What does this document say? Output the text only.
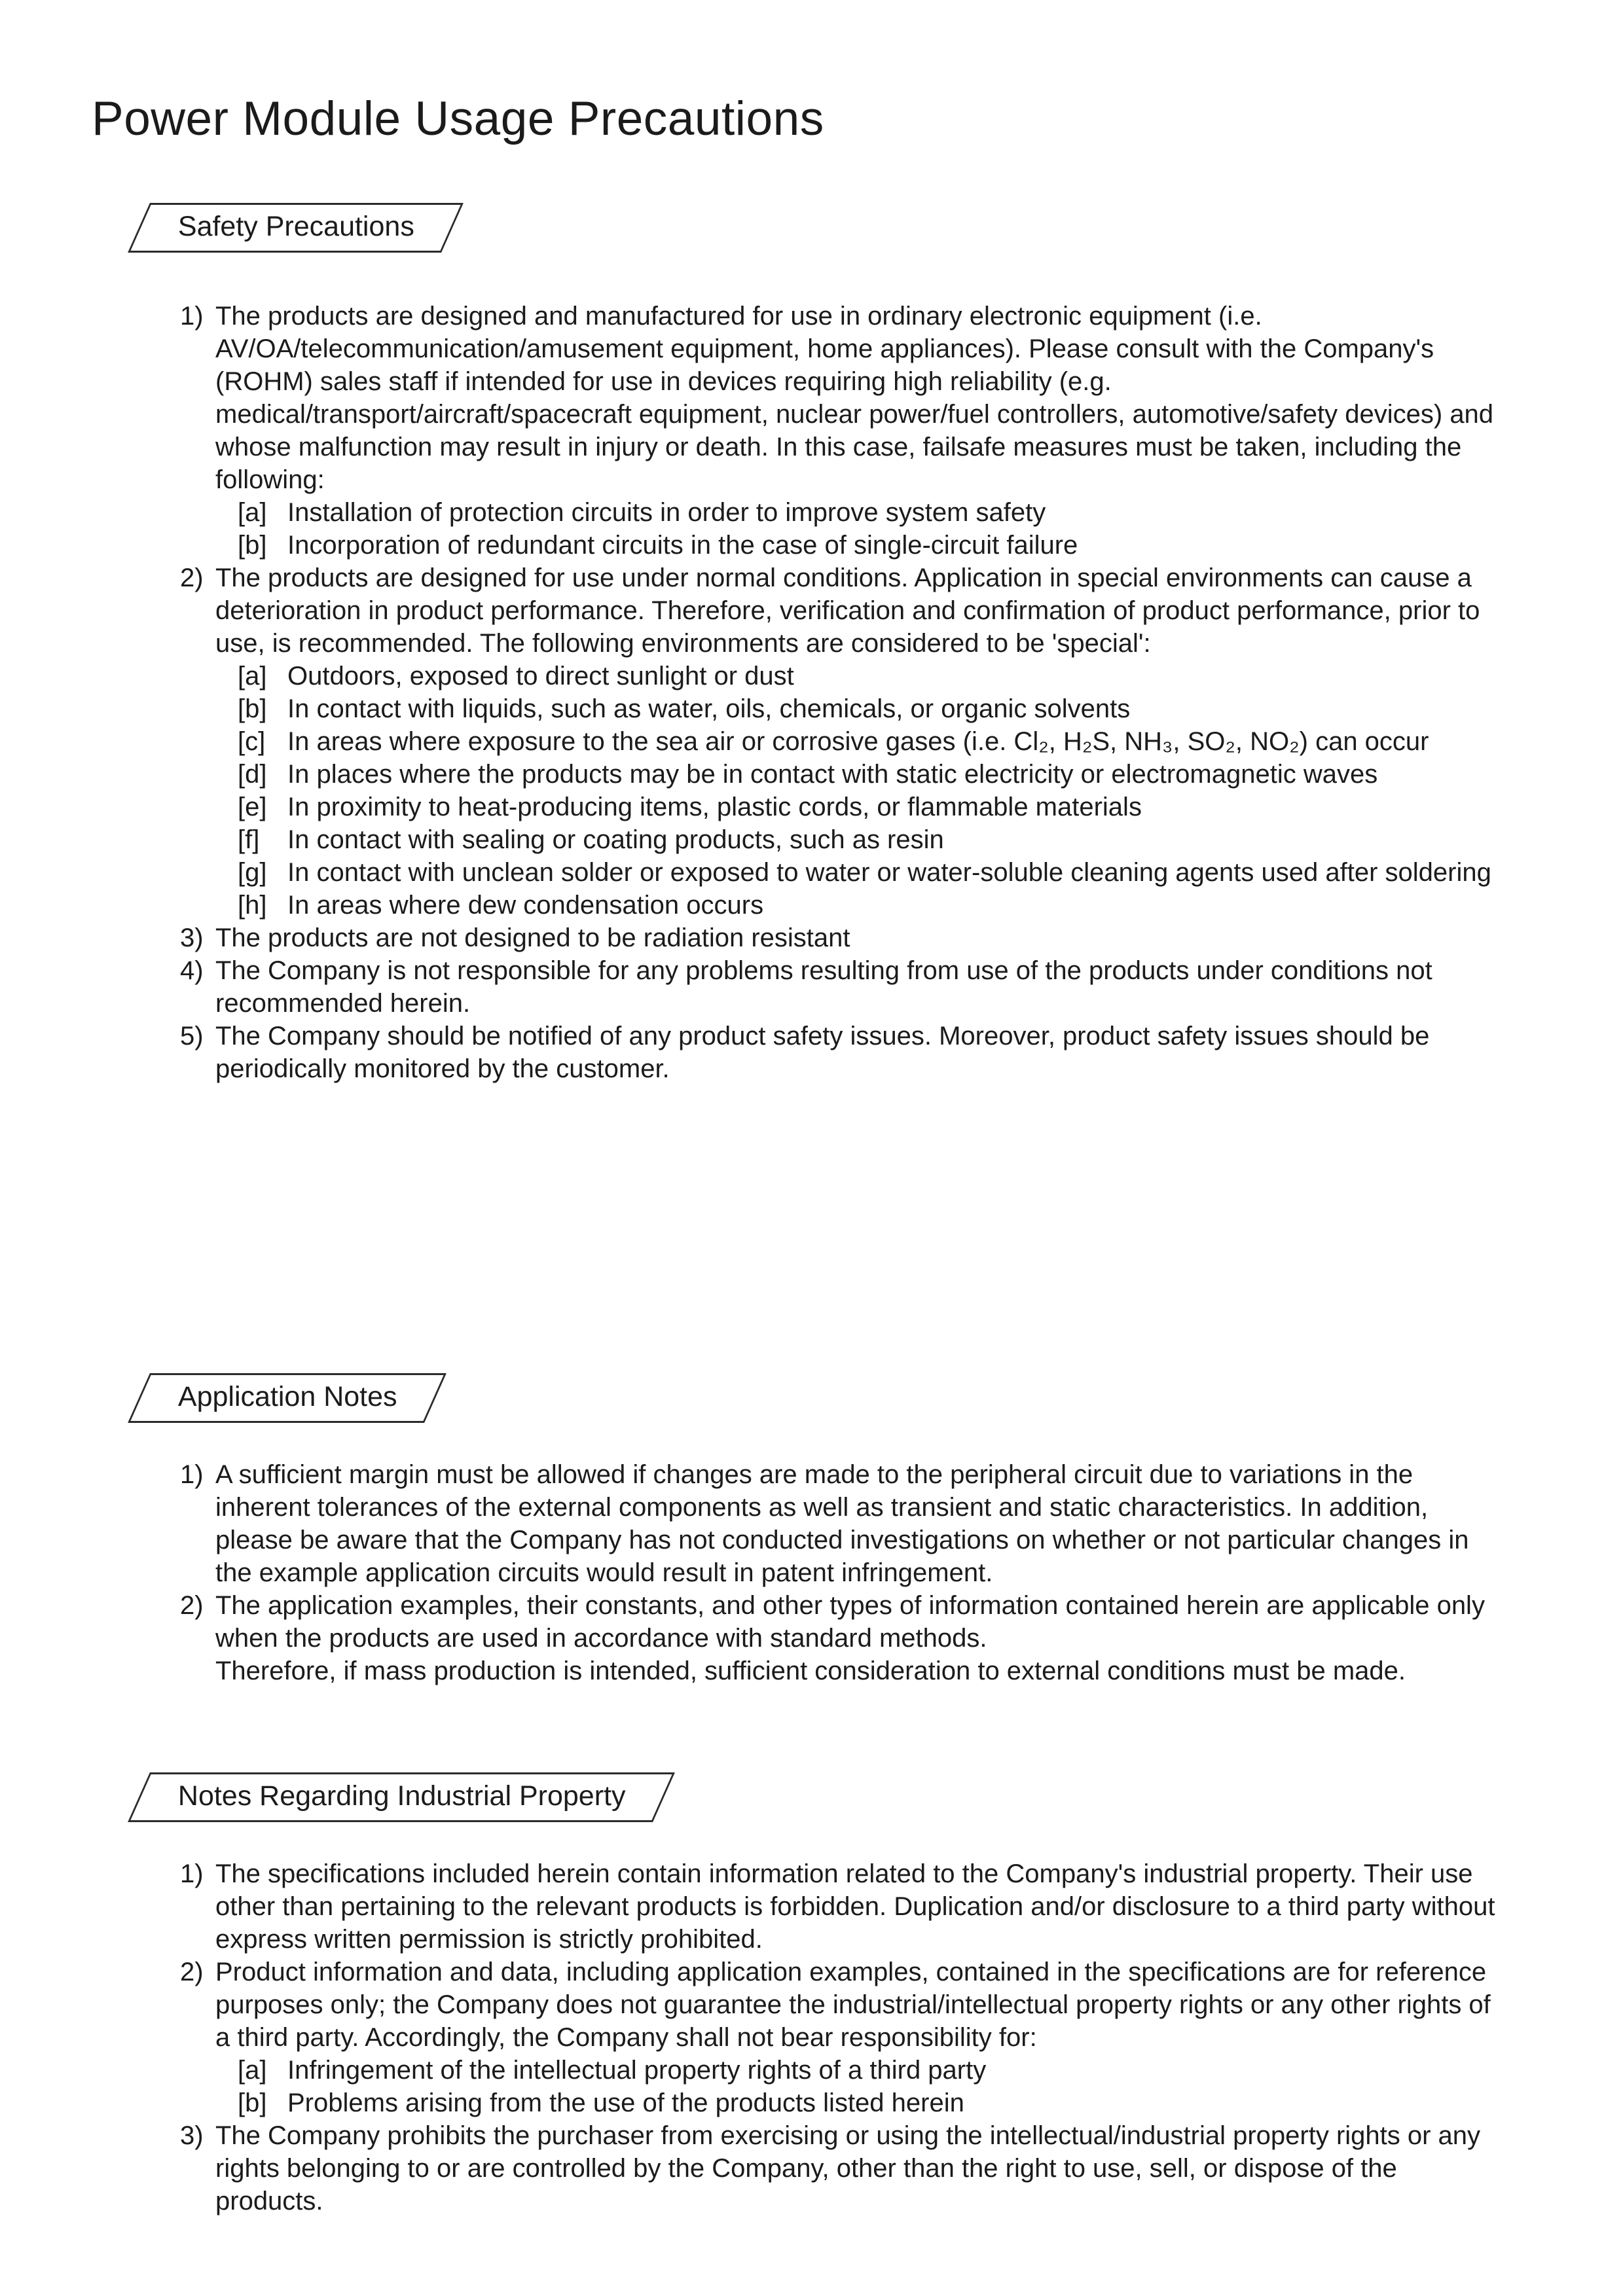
Power Module Usage Precautions
Safety Precautions
1) The products are designed and manufactured for use in ordinary electronic equipment (i.e. AV/OA/telecommunication/amusement equipment, home appliances). Please consult with the Company's (ROHM) sales staff if intended for use in devices requiring high reliability (e.g. medical/transport/aircraft/spacecraft equipment, nuclear power/fuel controllers, automotive/safety devices) and whose malfunction may result in injury or death. In this case, failsafe measures must be taken, including the following:
[a] Installation of protection circuits in order to improve system safety
[b] Incorporation of redundant circuits in the case of single-circuit failure
2) The products are designed for use under normal conditions. Application in special environments can cause a deterioration in product performance. Therefore, verification and confirmation of product performance, prior to use, is recommended. The following environments are considered to be 'special':
[a] Outdoors, exposed to direct sunlight or dust
[b] In contact with liquids, such as water, oils, chemicals, or organic solvents
[c] In areas where exposure to the sea air or corrosive gases (i.e. Cl₂, H₂S, NH₃, SO₂, NO₂) can occur
[d] In places where the products may be in contact with static electricity or electromagnetic waves
[e] In proximity to heat-producing items, plastic cords, or flammable materials
[f]	In contact with sealing or coating products, such as resin
[g] In contact with unclean solder or exposed to water or water-soluble cleaning agents used after soldering
[h] In areas where dew condensation occurs
3) The products are not designed to be radiation resistant
4) The Company is not responsible for any problems resulting from use of the products under conditions not recommended herein.
5) The Company should be notified of any product safety issues. Moreover, product safety issues should be periodically monitored by the customer.
Application Notes
1) A sufficient margin must be allowed if changes are made to the peripheral circuit due to variations in the inherent tolerances of the external components as well as transient and static characteristics. In addition, please be aware that the Company has not conducted investigations on whether or not particular changes in the example application circuits would result in patent infringement.
2) The application examples, their constants, and other types of information contained herein are applicable only when the products are used in accordance with standard methods.
Therefore, if mass production is intended, sufficient consideration to external conditions must be made.
Notes Regarding Industrial Property
1) The specifications included herein contain information related to the Company's industrial property. Their use other than pertaining to the relevant products is forbidden. Duplication and/or disclosure to a third party without express written permission is strictly prohibited.
2) Product information and data, including application examples, contained in the specifications are for reference purposes only; the Company does not guarantee the industrial/intellectual property rights or any other rights of a third party. Accordingly, the Company shall not bear responsibility for:
[a] Infringement of the intellectual property rights of a third party
[b] Problems arising from the use of the products listed herein
3) The Company prohibits the purchaser from exercising or using the intellectual/industrial property rights or any rights belonging to or are controlled by the Company, other than the right to use, sell, or dispose of the products.
